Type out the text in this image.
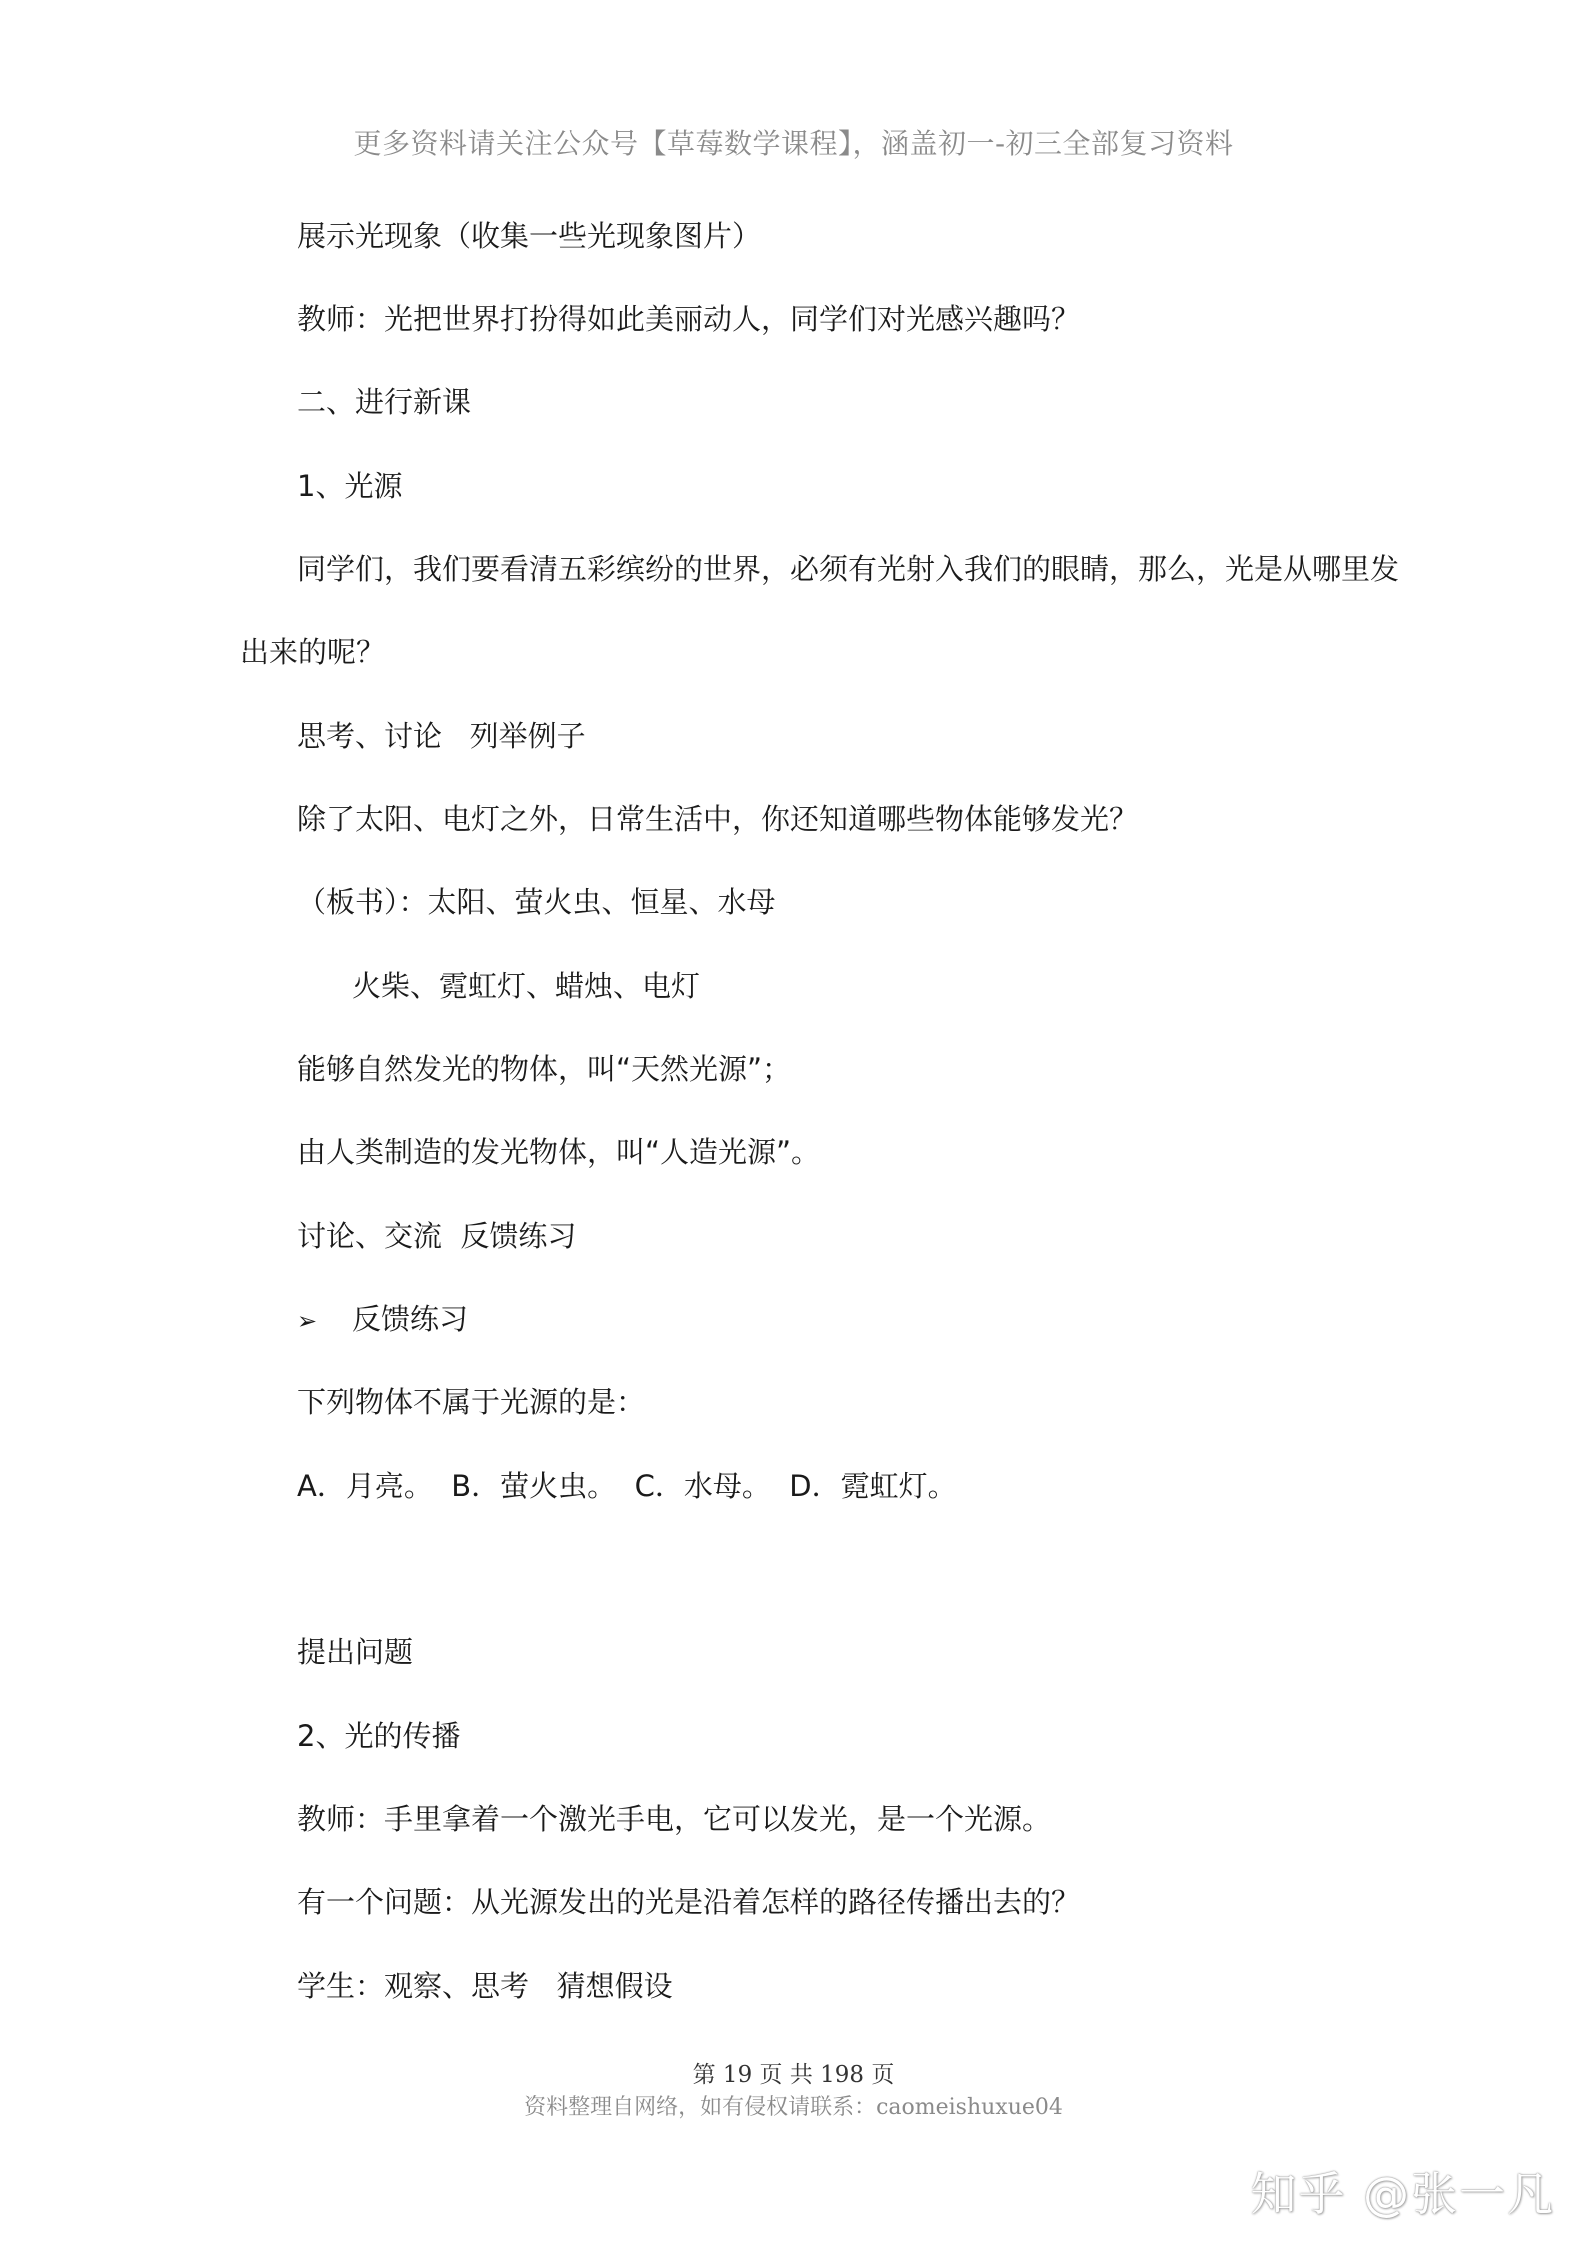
更多资料请关注公众号【草莓数学课程】，涵盖初一-初三全部复习资料
展示光现象（收集一些光现象图片）
教师：光把世界打扮得如此美丽动人，同学们对光感兴趣吗？
二、进行新课
1、光源
同学们，我们要看清五彩缤纷的世界，必须有光射入我们的眼睛，那么，光是从哪里发
出来的呢？
思考、讨论   列举例子
除了太阳、电灯之外，日常生活中，你还知道哪些物体能够发光？
（板书）：太阳、萤火虫、恒星、水母
火柴、霓虹灯、蜡烛、电灯
能够自然发光的物体，叫“天然光源”；
由人类制造的发光物体，叫“人造光源”。
讨论、交流  反馈练习
➢ 反馈练习
下列物体不属于光源的是：
A．月亮。  B．萤火虫。  C．水母。  D．霓虹灯。
提出问题
2、光的传播
教师：手里拿着一个激光手电，它可以发光，是一个光源。
有一个问题：从光源发出的光是沿着怎样的路径传播出去的？
学生：观察、思考   猜想假设
第 19 页 共 198 页
资料整理自网络，如有侵权请联系：caomeishuxue04
知乎 @张一凡
